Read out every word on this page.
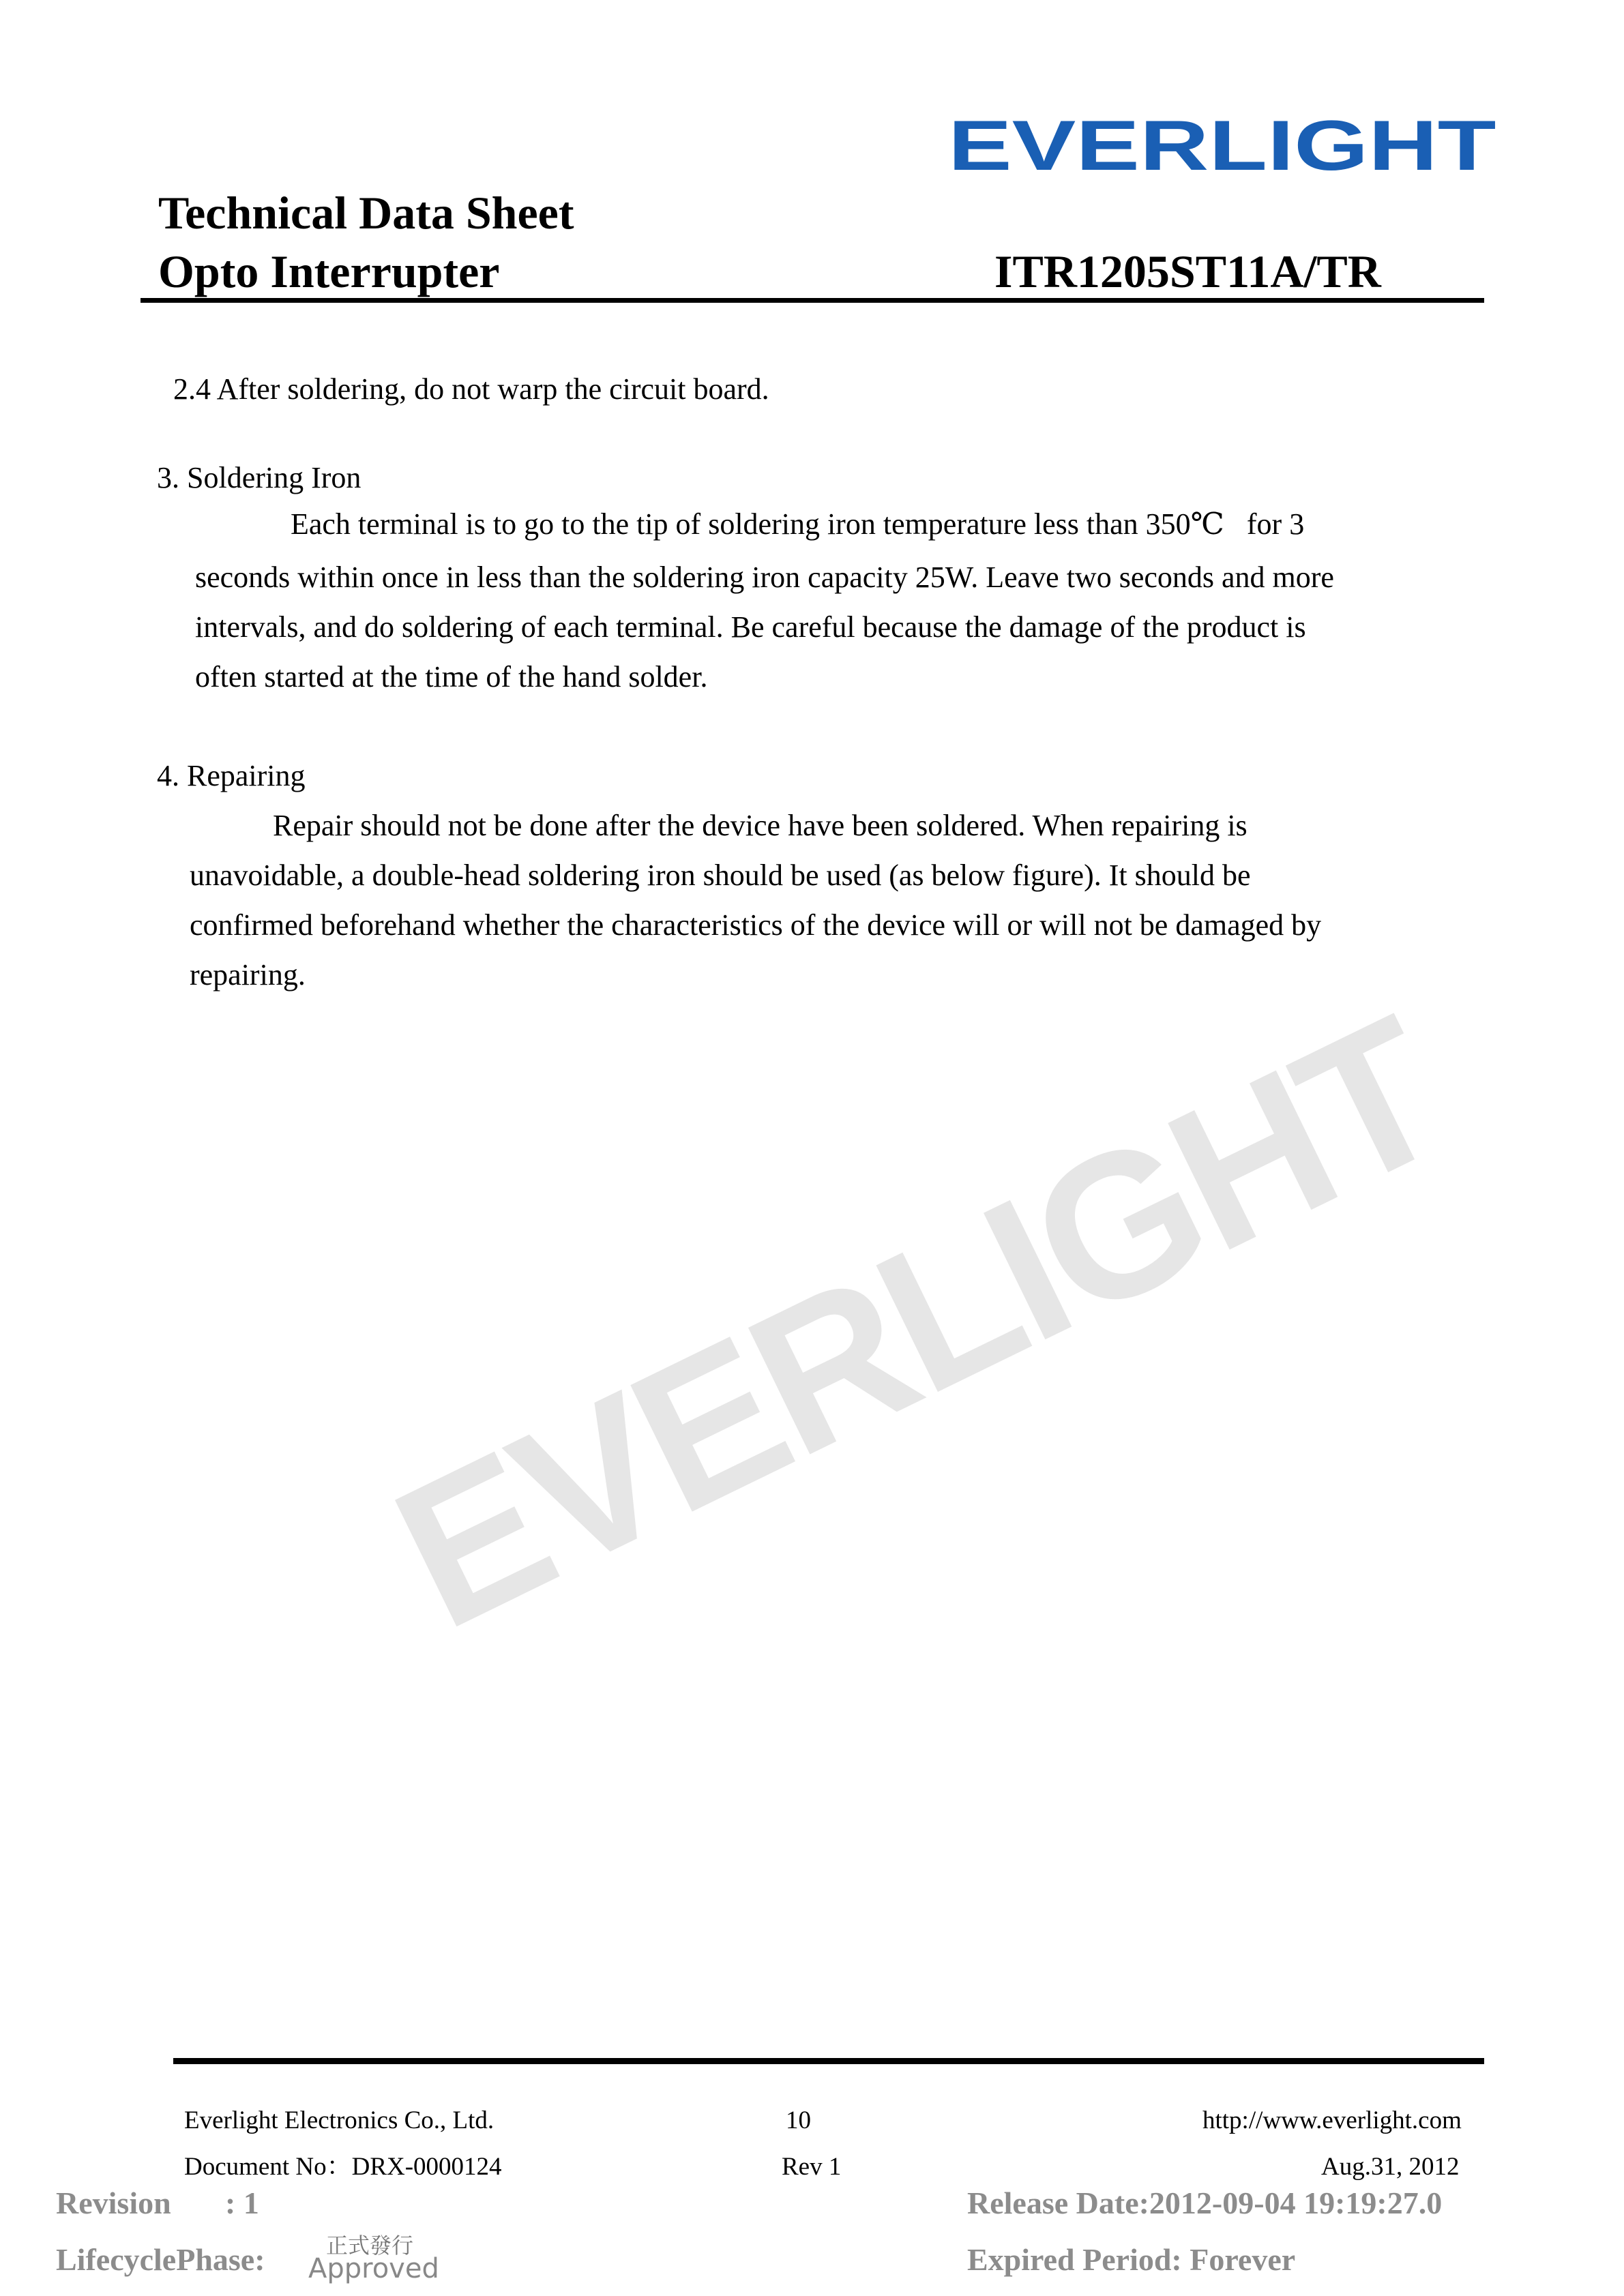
EVERLIGHT
Technical Data Sheet
Opto Interrupter	ITR1205ST11A/TR
EVERLIGHT
2.4 After soldering, do not warp the circuit board.
3. Soldering Iron
Each terminal is to go to the tip of soldering iron temperature less than 350℃   for 3
seconds within once in less than the soldering iron capacity 25W. Leave two seconds and more
intervals, and do soldering of each terminal. Be careful because the damage of the product is
often started at the time of the hand solder.
4. Repairing
Repair should not be done after the device have been soldered. When repairing is
unavoidable, a double-head soldering iron should be used (as below figure). It should be
confirmed beforehand whether the characteristics of the device will or will not be damaged by
repairing.
Everlight Electronics Co., Ltd.	10	http://www.everlight.com
Document No：DRX-0000124	Rev 1	Aug.31, 2012
Revision : 1	Release Date:2012-09-04 19:19:27.0
LifecyclePhase:	正式發行
Approved	Expired Period: Forever
